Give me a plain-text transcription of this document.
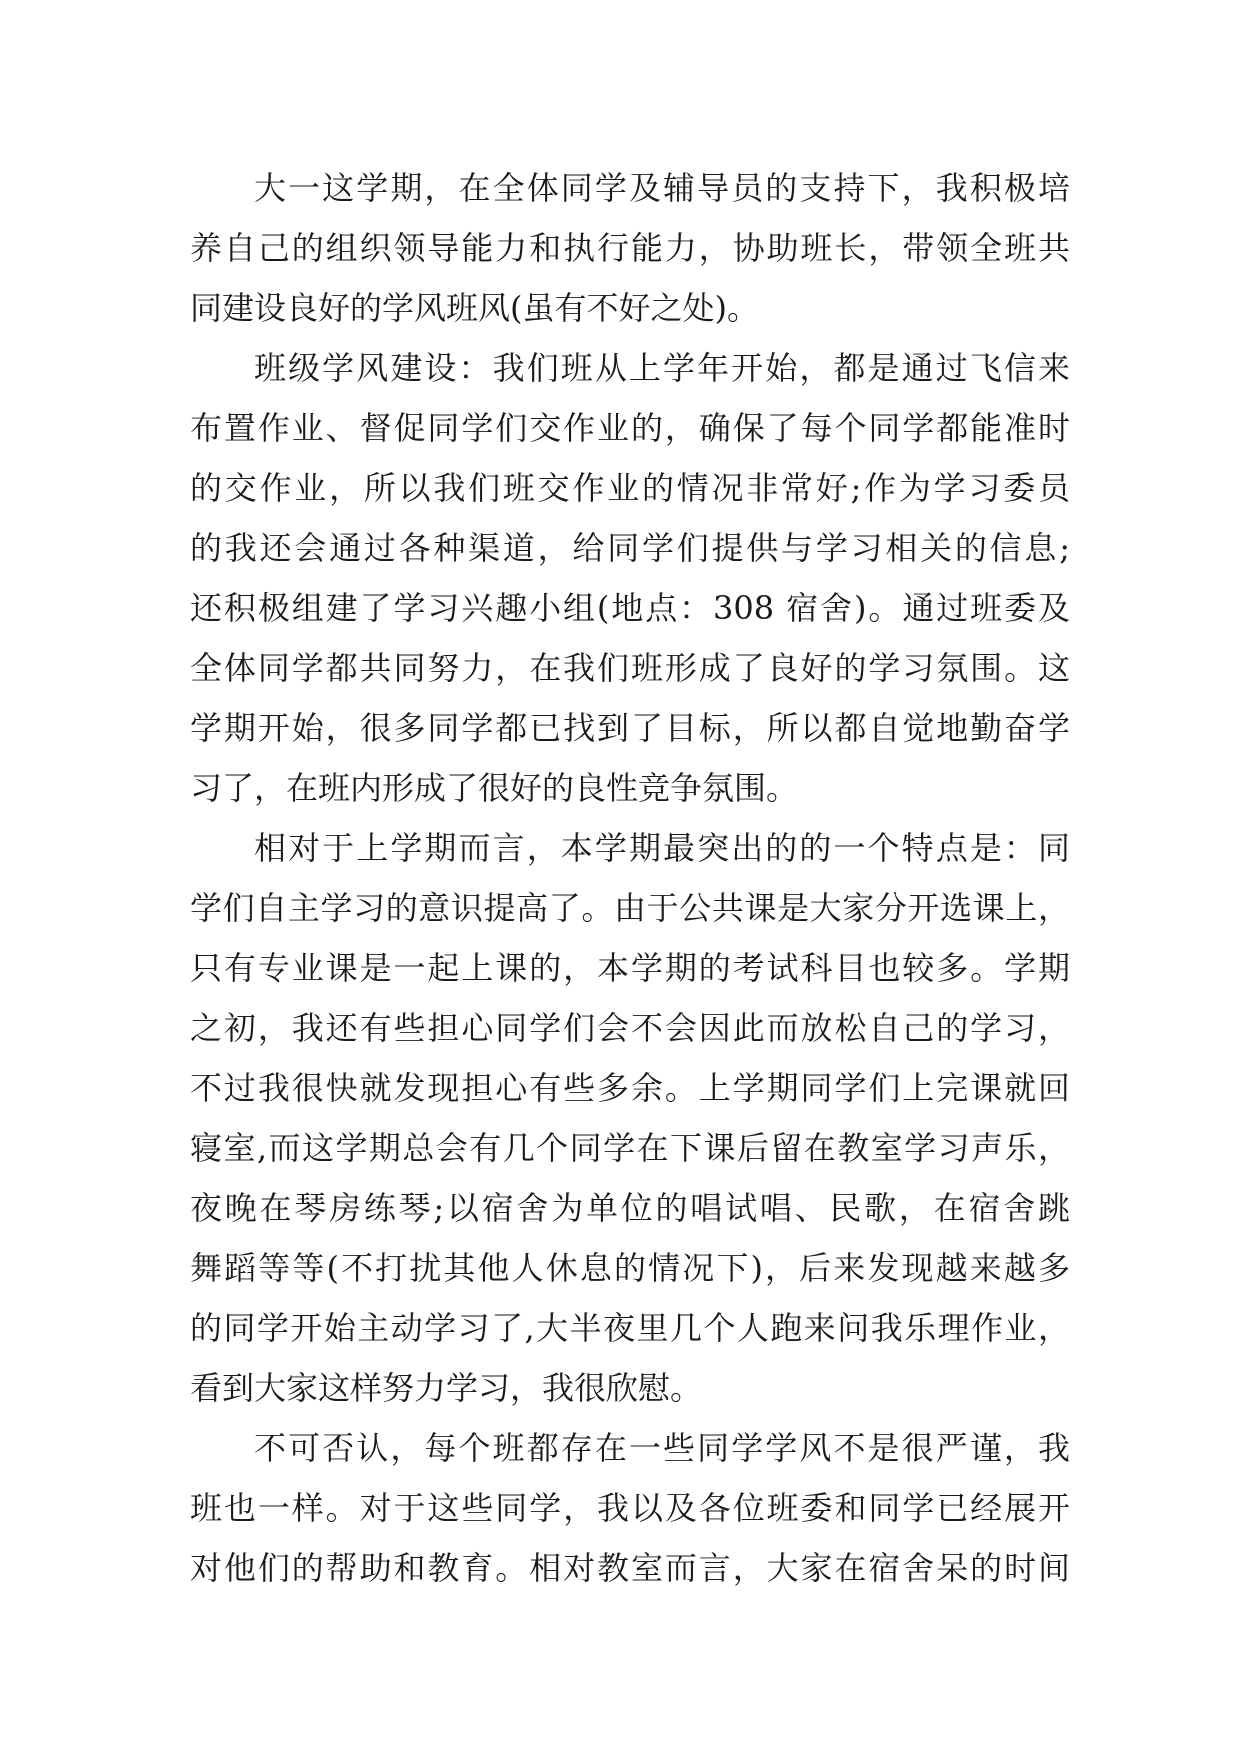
大一这学期，在全体同学及辅导员的支持下，我积极培
养自己的组织领导能力和执行能力，协助班长，带领全班共
同建设良好的学风班风(虽有不好之处)。
班级学风建设：我们班从上学年开始，都是通过飞信来
布置作业、督促同学们交作业的，确保了每个同学都能准时
的交作业，所以我们班交作业的情况非常好;作为学习委员
的我还会通过各种渠道，给同学们提供与学习相关的信息;
还积极组建了学习兴趣小组(地点：308 宿舍)。通过班委及
全体同学都共同努力，在我们班形成了良好的学习氛围。这
学期开始，很多同学都已找到了目标，所以都自觉地勤奋学
习了，在班内形成了很好的良性竞争氛围。
相对于上学期而言，本学期最突出的的一个特点是：同
学们自主学习的意识提高了。由于公共课是大家分开选课上，
只有专业课是一起上课的，本学期的考试科目也较多。学期
之初，我还有些担心同学们会不会因此而放松自己的学习，
不过我很快就发现担心有些多余。上学期同学们上完课就回
寝室,而这学期总会有几个同学在下课后留在教室学习声乐，
夜晚在琴房练琴;以宿舍为单位的唱试唱、民歌，在宿舍跳
舞蹈等等(不打扰其他人休息的情况下)，后来发现越来越多
的同学开始主动学习了,大半夜里几个人跑来问我乐理作业，
看到大家这样努力学习，我很欣慰。
不可否认，每个班都存在一些同学学风不是很严谨，我
班也一样。对于这些同学，我以及各位班委和同学已经展开
对他们的帮助和教育。相对教室而言，大家在宿舍呆的时间
